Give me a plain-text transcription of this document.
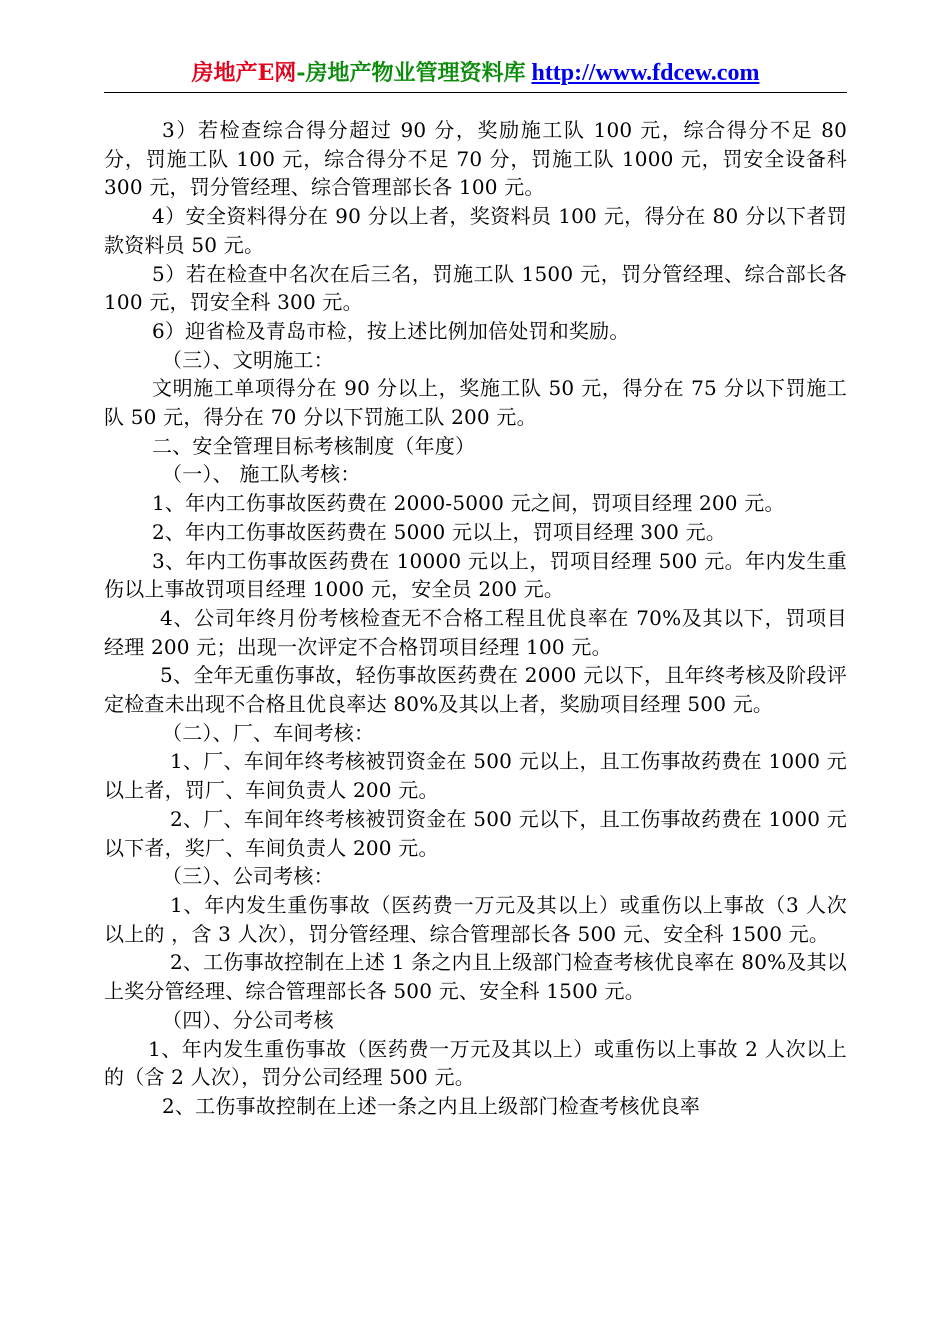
房地产E网-房地产物业管理资料库 http://www.fdcew.com

3）若检查综合得分超过 90 分，奖励施工队 100 元，综合得分不足 80 分，罚施工队 100 元，综合得分不足 70 分，罚施工队 1000 元，罚安全设备科 300 元，罚分管经理、综合管理部长各 100 元。

4）安全资料得分在 90 分以上者，奖资料员 100 元，得分在 80 分以下者罚款资料员 50 元。

5）若在检查中名次在后三名，罚施工队 1500 元，罚分管经理、综合部长各 100 元，罚安全科 300 元。

6）迎省检及青岛市检，按上述比例加倍处罚和奖励。

（三）、文明施工：

文明施工单项得分在 90 分以上，奖施工队 50 元，得分在 75 分以下罚施工队 50 元，得分在 70 分以下罚施工队 200 元。

二、安全管理目标考核制度（年度）

（一）、 施工队考核：

1、年内工伤事故医药费在 2000-5000 元之间，罚项目经理 200 元。

2、年内工伤事故医药费在 5000 元以上，罚项目经理 300 元。

3、年内工伤事故医药费在 10000 元以上，罚项目经理 500 元。年内发生重伤以上事故罚项目经理 1000 元，安全员 200 元。

4、公司年终月份考核检查无不合格工程且优良率在 70%及其以下，罚项目经理 200 元；出现一次评定不合格罚项目经理 100 元。

5、全年无重伤事故，轻伤事故医药费在 2000 元以下，且年终考核及阶段评定检查未出现不合格且优良率达 80%及其以上者，奖励项目经理 500 元。

（二）、厂、车间考核：

1、厂、车间年终考核被罚资金在 500 元以上，且工伤事故药费在 1000 元以上者，罚厂、车间负责人 200 元。

2、厂、车间年终考核被罚资金在 500 元以下，且工伤事故药费在 1000 元以下者，奖厂、车间负责人 200 元。

（三）、公司考核：

1、年内发生重伤事故（医药费一万元及其以上）或重伤以上事故（3 人次以上的 ，含 3 人次），罚分管经理、综合管理部长各 500 元、安全科 1500 元。

2、工伤事故控制在上述 1 条之内且上级部门检查考核优良率在 80%及其以上奖分管经理、综合管理部长各 500 元、安全科 1500 元。

（四）、分公司考核

1、年内发生重伤事故（医药费一万元及其以上）或重伤以上事故 2 人次以上的（含 2 人次），罚分公司经理 500 元。

2、工伤事故控制在上述一条之内且上级部门检查考核优良率
